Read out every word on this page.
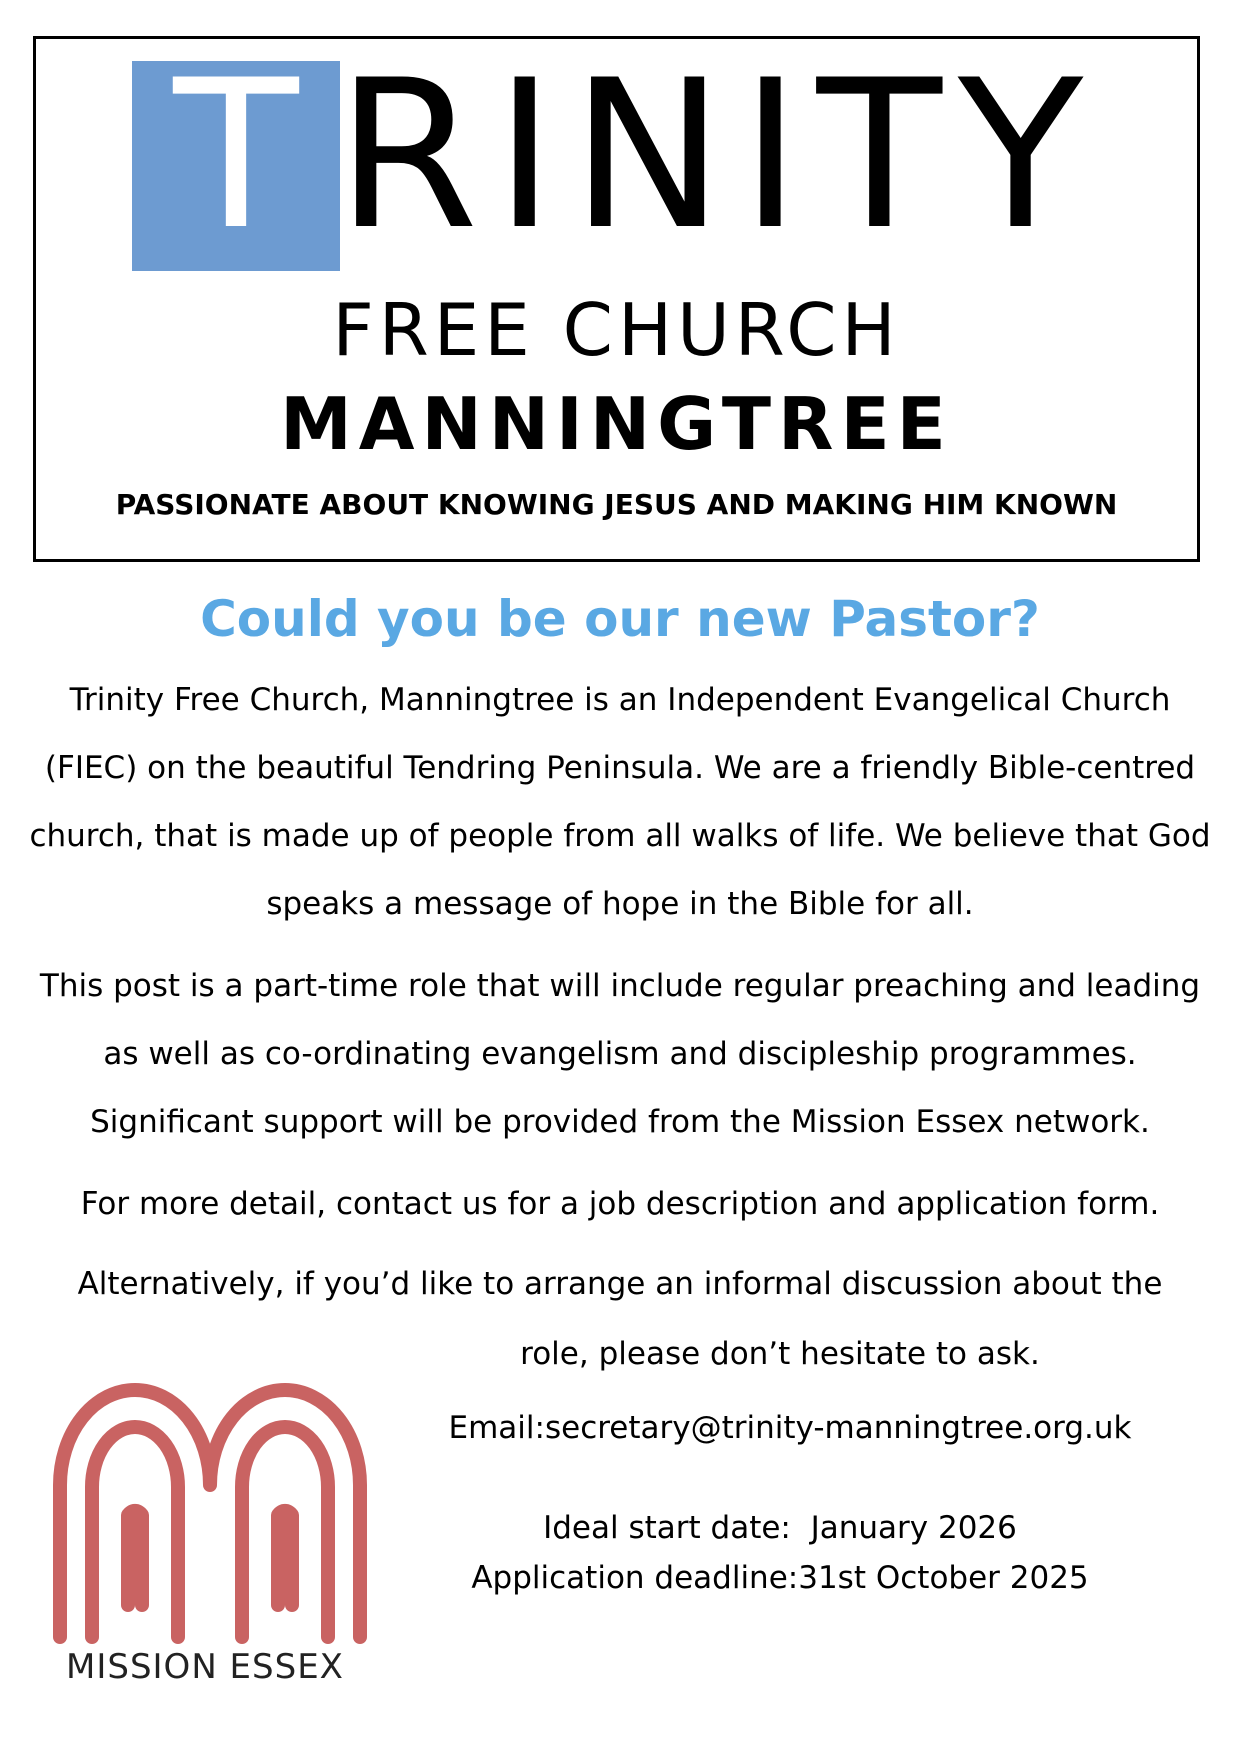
T RINITY
FREE CHURCH
MANNINGTREE
PASSIONATE ABOUT KNOWING JESUS AND MAKING HIM KNOWN
Could you be our new Pastor?

Trinity Free Church, Manningtree is an Independent Evangelical Church (FIEC) on the beautiful Tendring Peninsula. We are a friendly Bible-centred church, that is made up of people from all walks of life. We believe that God speaks a message of hope in the Bible for all.

This post is a part-time role that will include regular preaching and leading as well as co-ordinating evangelism and discipleship programmes. Significant support will be provided from the Mission Essex network.

For more detail, contact us for a job description and application form.

Alternatively, if you’d like to arrange an informal discussion about the

role, please don’t hesitate to ask.

Email:secretary@trinity-manningtree.org.uk
Ideal start date: January 2026
Application deadline:31st October 2025
MISSION ESSEX
